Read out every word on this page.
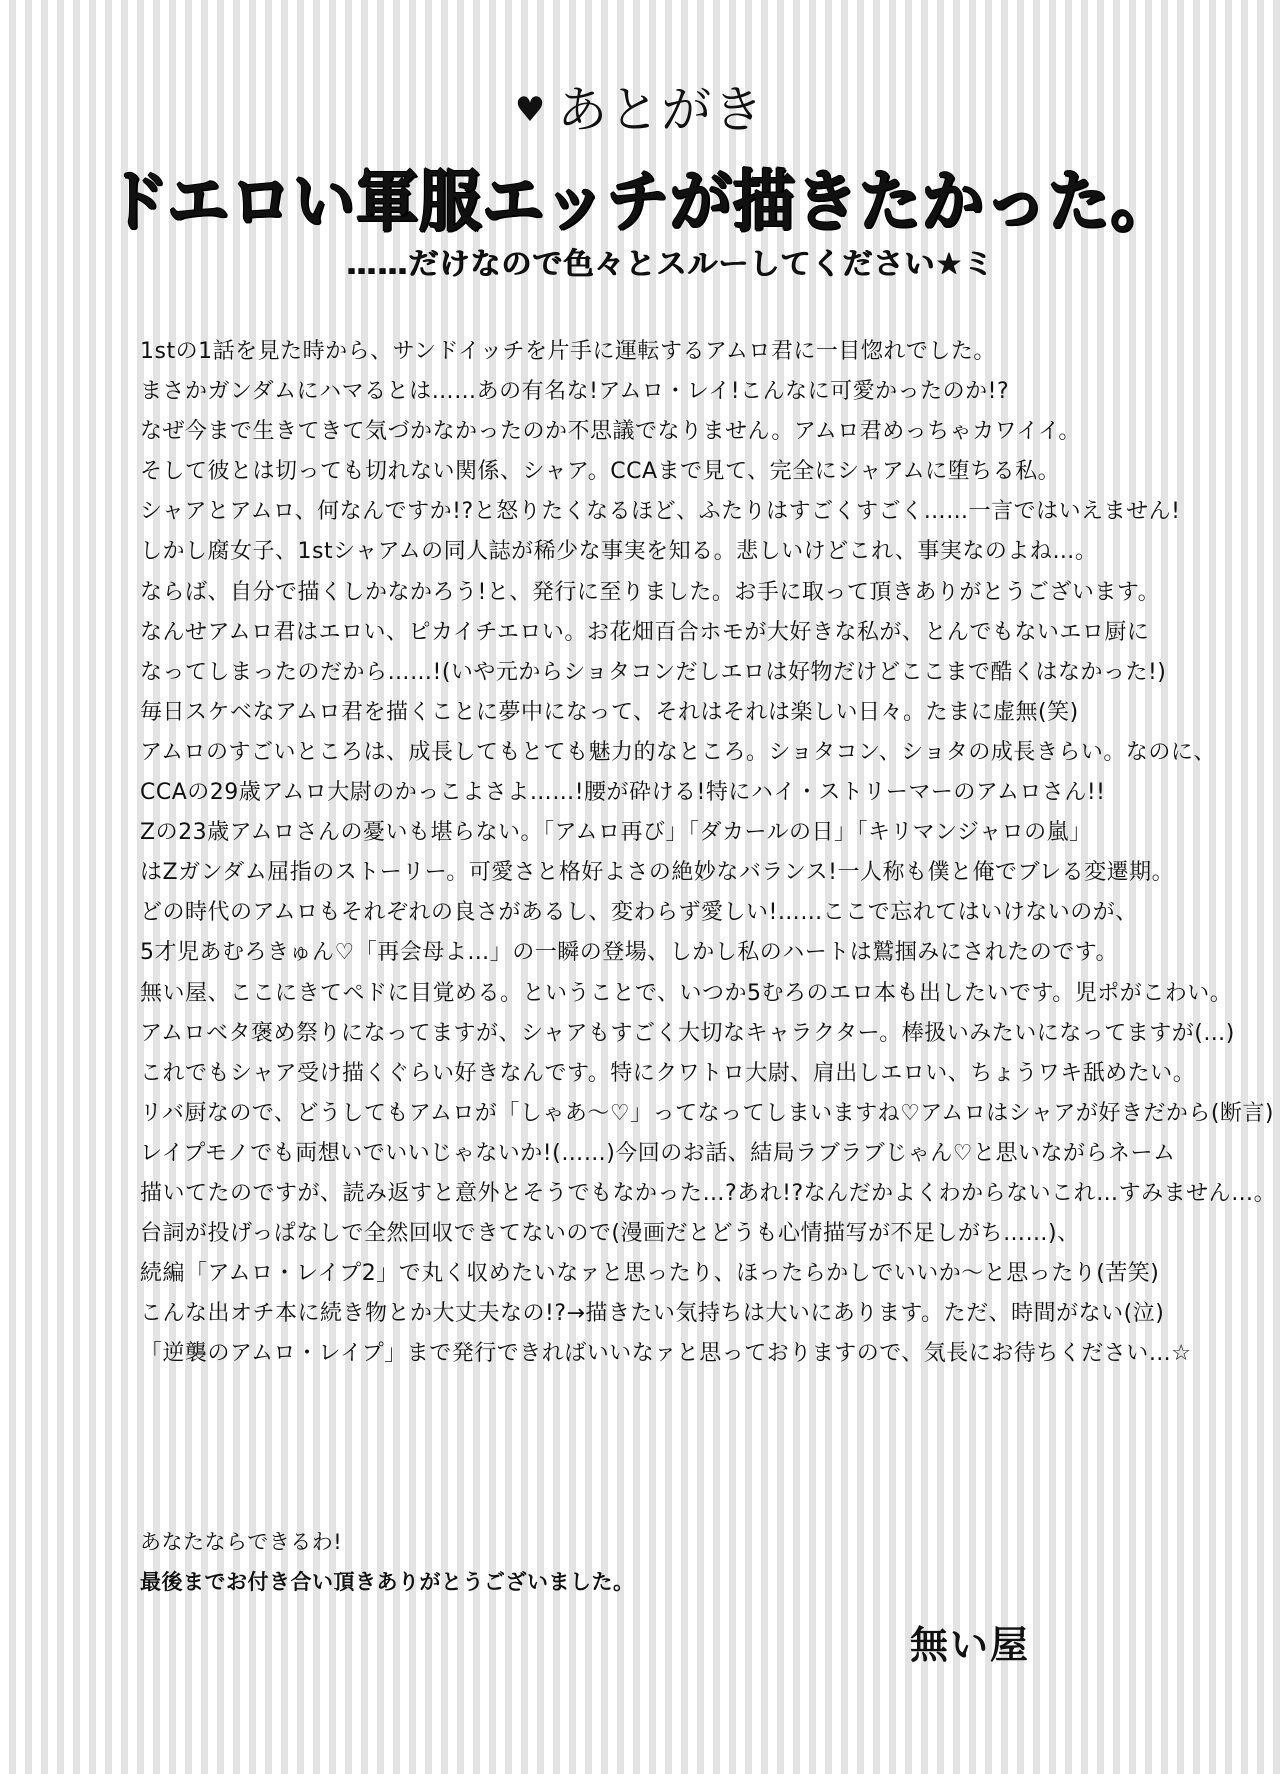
♥ あとがき
ドエロい軍服エッチが描きたかった。
……だけなので色々とスルーしてください★ミ
1stの1話を見た時から、サンドイッチを片手に運転するアムロ君に一目惚れでした。
まさかガンダムにハマるとは……あの有名な!アムロ・レイ!こんなに可愛かったのか!?
なぜ今まで生きてきて気づかなかったのか不思議でなりません。アムロ君めっちゃカワイイ。
そして彼とは切っても切れない関係、シャア。CCAまで見て、完全にシャアムに堕ちる私。
シャアとアムロ、何なんですか!?と怒りたくなるほど、ふたりはすごくすごく……一言ではいえません!
しかし腐女子、1stシャアムの同人誌が稀少な事実を知る。悲しいけどこれ、事実なのよね…。
ならば、自分で描くしかなかろう!と、発行に至りました。お手に取って頂きありがとうございます。
なんせアムロ君はエロい、ピカイチエロい。お花畑百合ホモが大好きな私が、とんでもないエロ厨に
なってしまったのだから……!(いや元からショタコンだしエロは好物だけどここまで酷くはなかった!)
毎日スケベなアムロ君を描くことに夢中になって、それはそれは楽しい日々。たまに虚無(笑)
アムロのすごいところは、成長してもとても魅力的なところ。ショタコン、ショタの成長きらい。なのに、
CCAの29歳アムロ大尉のかっこよさよ……!腰が砕ける!特にハイ・ストリーマーのアムロさん!!
Zの23歳アムロさんの憂いも堪らない。「アムロ再び」「ダカールの日」「キリマンジャロの嵐」
はZガンダム屈指のストーリー。可愛さと格好よさの絶妙なバランス!一人称も僕と俺でブレる変遷期。
どの時代のアムロもそれぞれの良さがあるし、変わらず愛しい!……ここで忘れてはいけないのが、
5才児あむろきゅん♡「再会母よ…」の一瞬の登場、しかし私のハートは鷲掴みにされたのです。
無い屋、ここにきてペドに目覚める。ということで、いつか5むろのエロ本も出したいです。児ポがこわい。
アムロベタ褒め祭りになってますが、シャアもすごく大切なキャラクター。棒扱いみたいになってますが(…)
これでもシャア受け描くぐらい好きなんです。特にクワトロ大尉、肩出しエロい、ちょうワキ舐めたい。
リバ厨なので、どうしてもアムロが「しゃあ〜♡」ってなってしまいますね♡アムロはシャアが好きだから(断言)
レイプモノでも両想いでいいじゃないか!(……)今回のお話、結局ラブラブじゃん♡と思いながらネーム
描いてたのですが、読み返すと意外とそうでもなかった…?あれ!?なんだかよくわからないこれ…すみません…。
台詞が投げっぱなしで全然回収できてないので(漫画だとどうも心情描写が不足しがち……)、
続編「アムロ・レイプ2」で丸く収めたいなァと思ったり、ほったらかしでいいか〜と思ったり(苦笑)
こんな出オチ本に続き物とか大丈夫なの!?→描きたい気持ちは大いにあります。ただ、時間がない(泣)
「逆襲のアムロ・レイプ」まで発行できればいいなァと思っておりますので、気長にお待ちください…☆
あなたならできるわ!
最後までお付き合い頂きありがとうございました。
無い屋
